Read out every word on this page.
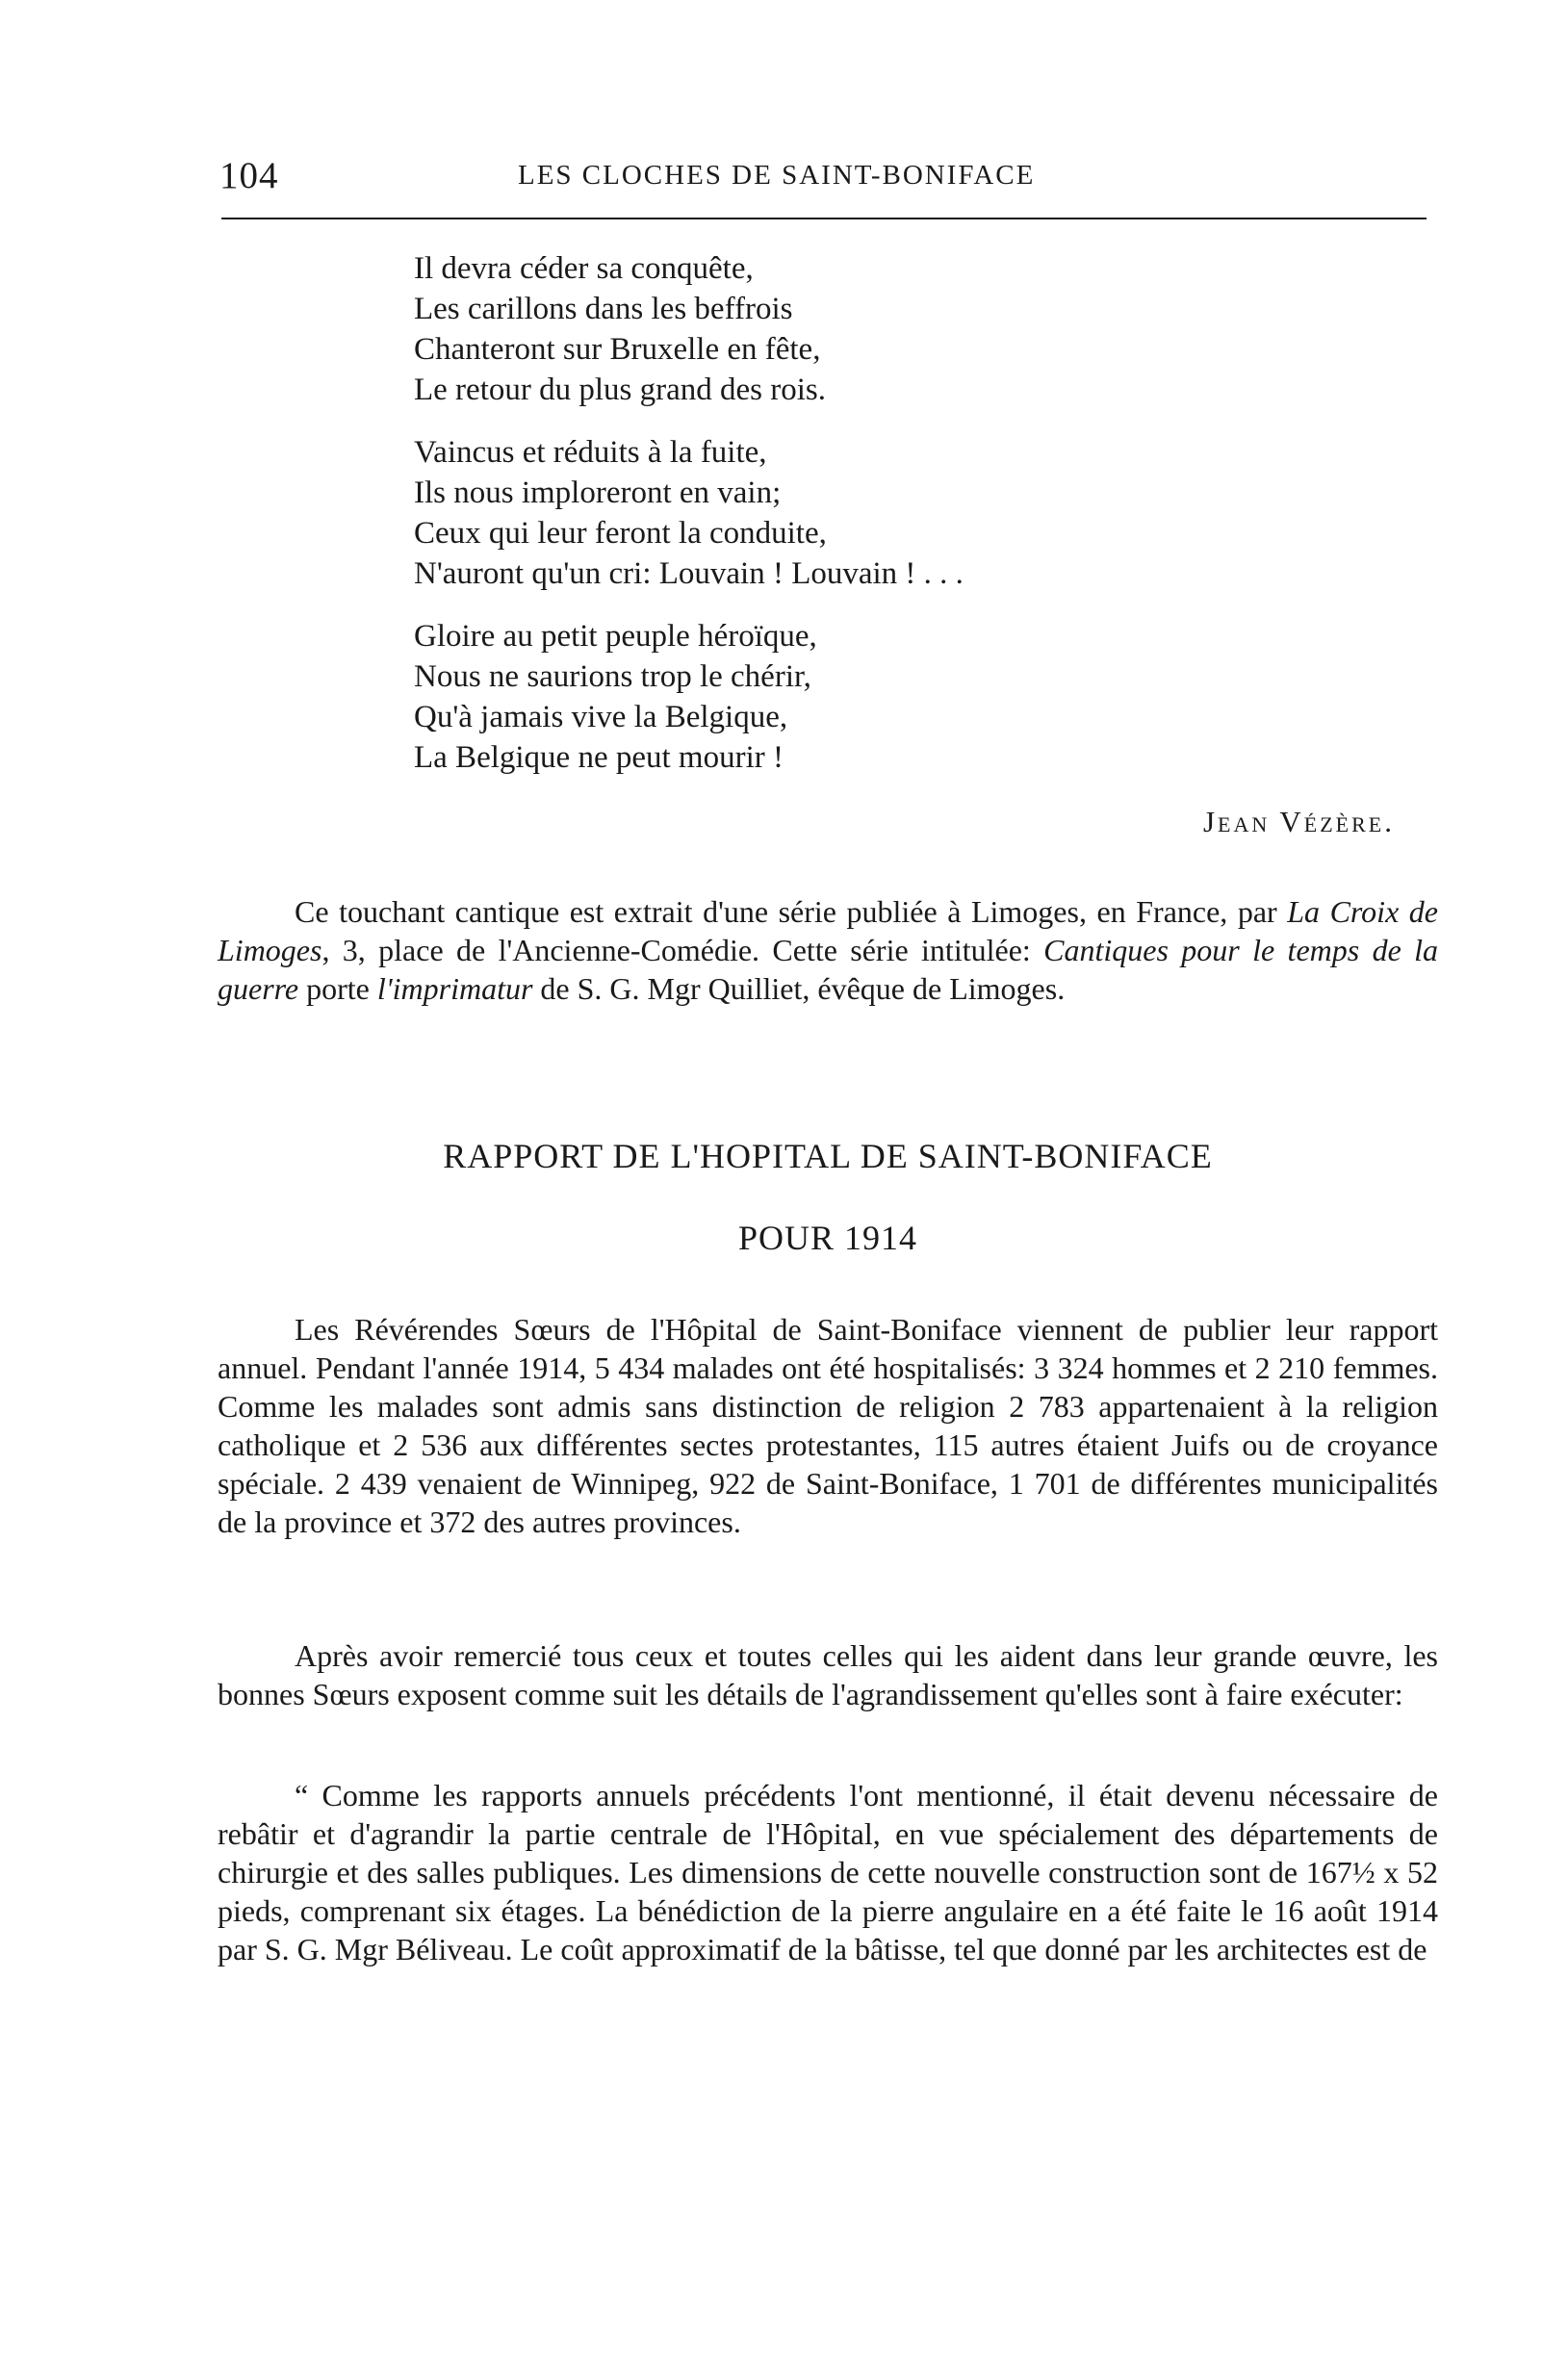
104	LES CLOCHES DE SAINT-BONIFACE
Il devra céder sa conquête,
Les carillons dans les beffrois
Chanteront sur Bruxelle en fête,
Le retour du plus grand des rois.
Vaincus et réduits à la fuite,
Ils nous imploreront en vain;
Ceux qui leur feront la conduite,
N'auront qu'un cri: Louvain ! Louvain ! . . .
Gloire au petit peuple héroïque,
Nous ne saurions trop le chérir,
Qu'à jamais vive la Belgique,
La Belgique ne peut mourir !
Jean Vézère.

Ce touchant cantique est extrait d'une série publiée à Limoges, en France, par La Croix de Limoges, 3, place de l'Ancienne-Comédie. Cette série intitulée: Cantiques pour le temps de la guerre porte l'imprimatur de S. G. Mgr Quilliet, évêque de Limoges.

RAPPORT DE L'HOPITAL DE SAINT-BONIFACE
POUR 1914

Les Révérendes Sœurs de l'Hôpital de Saint-Boniface viennent de publier leur rapport annuel. Pendant l'année 1914, 5 434 malades ont été hospitalisés: 3 324 hommes et 2 210 femmes. Comme les malades sont admis sans distinction de religion 2 783 appartenaient à la religion catholique et 2 536 aux différentes sectes protestantes, 115 autres étaient Juifs ou de croyance spéciale. 2 439 venaient de Winnipeg, 922 de Saint-Boniface, 1 701 de différentes municipalités de la province et 372 des autres provinces.

Après avoir remercié tous ceux et toutes celles qui les aident dans leur grande œuvre, les bonnes Sœurs exposent comme suit les détails de l'agrandissement qu'elles sont à faire exécuter:

“ Comme les rapports annuels précédents l'ont mentionné, il était devenu nécessaire de rebâtir et d'agrandir la partie centrale de l'Hôpital, en vue spécialement des départements de chirurgie et des salles publiques. Les dimensions de cette nouvelle construction sont de 167½ x 52 pieds, comprenant six étages. La bénédiction de la pierre angulaire en a été faite le 16 août 1914 par S. G. Mgr Béliveau. Le coût approximatif de la bâtisse, tel que donné par les architectes est de
